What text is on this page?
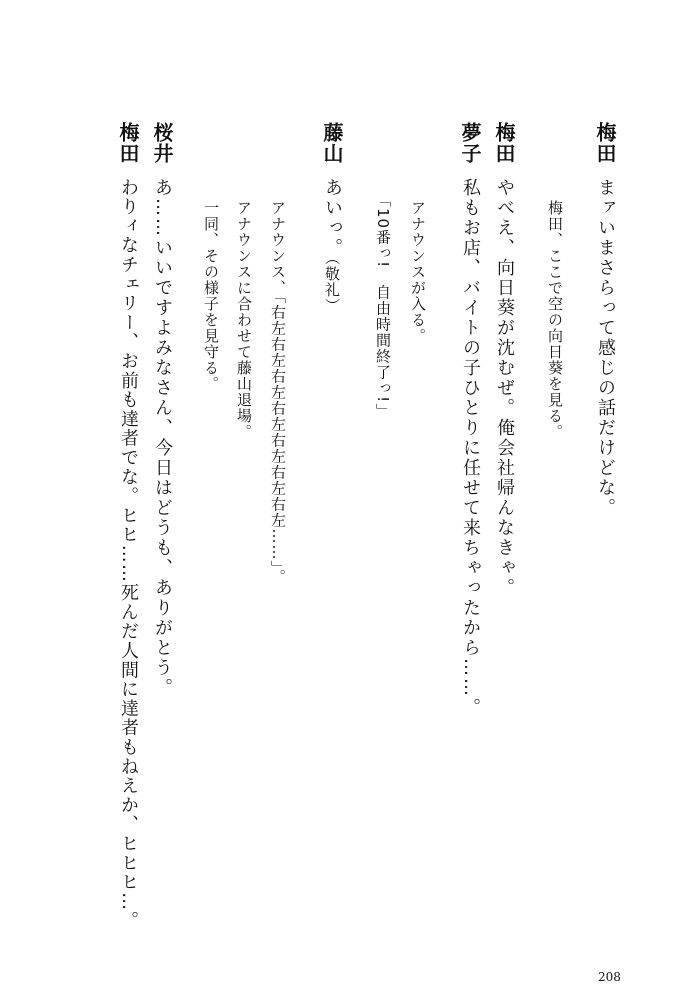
梅田
まァいまさらって感じの話だけどな。
梅田、ここで空の向日葵を見る。
梅田
やべえ、向日葵が沈むぜ。俺会社帰んなきゃ。
夢子
私もお店、バイトの子ひとりに任せて来ちゃったから……。
アナウンスが入る。
「10番っ!　自由時間終了っ!」
藤山
あいっ。
（敬礼）
アナウンス、「右左右左右左右左右左右左右左……」。
アナウンスに合わせて藤山退場。
一同、その様子を見守る。
桜井
あ……いいですよみなさん、今日はどうも、ありがとう。
梅田
わりィなチェリー、お前も達者でな。ヒヒ……死んだ人間に達者もねえか、ヒヒヒ…。
208
